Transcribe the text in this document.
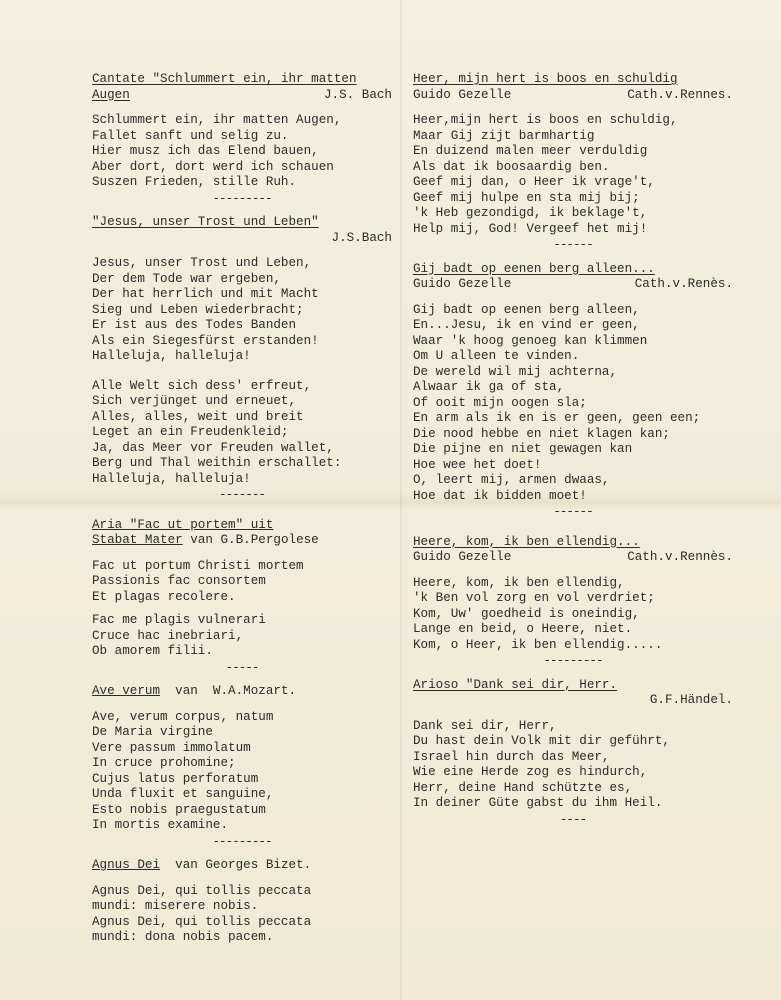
Cantate "Schlummert ein, ihr matten
Augen	J.S. Bach
Schlummert ein, ihr matten Augen,
Fallet sanft und selig zu.
Hier musz ich das Elend bauen,
Aber dort, dort werd ich schauen
Suszen Frieden, stille Ruh.
---------
"Jesus, unser Trost und Leben"
J.S.Bach
Jesus, unser Trost und Leben,
Der dem Tode war ergeben,
Der hat herrlich und mit Macht
Sieg und Leben wiederbracht;
Er ist aus des Todes Banden
Als ein Siegesfürst erstanden!
Halleluja, halleluja!
Alle Welt sich dess' erfreut,
Sich verjünget und erneuet,
Alles, alles, weit und breit
Leget an ein Freudenkleid;
Ja, das Meer vor Freuden wallet,
Berg und Thal weithin erschallet:
Halleluja, halleluja!
-------
Aria "Fac ut portem" uit
Stabat Mater van G.B.Pergolese
Fac ut portum Christi mortem
Passionis fac consortem
Et plagas recolere.
Fac me plagis vulnerari
Cruce hac inebriari,
Ob amorem filii.
-----
Ave verum  van  W.A.Mozart.
Ave, verum corpus, natum
De Maria virgine
Vere passum immolatum
In cruce prohomine;
Cujus latus perforatum
Unda fluxit et sanguine,
Esto nobis praegustatum
In mortis examine.
---------
Agnus Dei  van Georges Bizet.
Agnus Dei, qui tollis peccata
mundi: miserere nobis.
Agnus Dei, qui tollis peccata
mundi: dona nobis pacem.
Heer, mijn hert is boos en schuldig
Guido Gezelle	Cath.v.Rennes.
Heer,mijn hert is boos en schuldig,
Maar Gij zijt barmhartig
En duizend malen meer verduldig
Als dat ik boosaardig ben.
Geef mij dan, o Heer ik vrage't,
Geef mij hulpe en sta mij bij;
'k Heb gezondigd, ik beklage't,
Help mij, God! Vergeef het mij!
------
Gij badt op eenen berg alleen...
Guido Gezelle	Cath.v.Renès.
Gij badt op eenen berg alleen,
En...Jesu, ik en vind er geen,
Waar 'k hoog genoeg kan klimmen
Om U alleen te vinden.
De wereld wil mij achterna,
Alwaar ik ga of sta,
Of ooit mijn oogen sla;
En arm als ik en is er geen, geen een;
Die nood hebbe en niet klagen kan;
Die pijne en niet gewagen kan
Hoe wee het doet!
O, leert mij, armen dwaas,
Hoe dat ik bidden moet!
------
Heere, kom, ik ben ellendig...
Guido Gezelle	Cath.v.Rennès.
Heere, kom, ik ben ellendig,
'k Ben vol zorg en vol verdriet;
Kom, Uw' goedheid is oneindig,
Lange en beid, o Heere, niet.
Kom, o Heer, ik ben ellendig.....
---------
Arioso "Dank sei dir, Herr.
G.F.Händel.
Dank sei dir, Herr,
Du hast dein Volk mit dir geführt,
Israel hin durch das Meer,
Wie eine Herde zog es hindurch,
Herr, deine Hand schützte es,
In deiner Güte gabst du ihm Heil.
----
